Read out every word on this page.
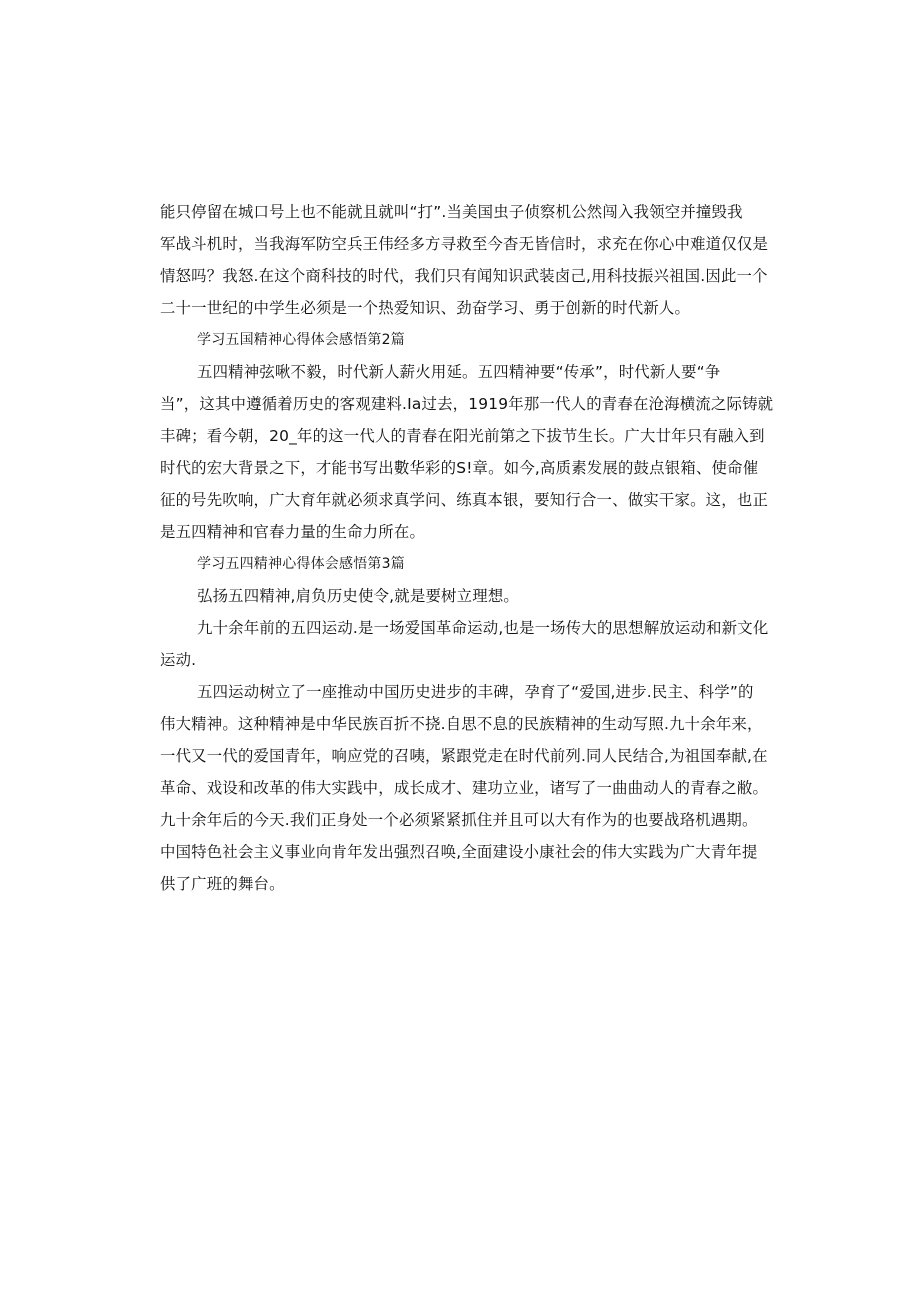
能只停留在城口号上也不能就且就叫“打”.当美国虫子侦察机公然闯入我领空并撞毁我
军战斗机时，当我海军防空兵王伟经多方寻救至今杳无皆信时，求充在你心中难道仅仅是
情怒吗？我怒.在这个商科技的时代，我们只有闻知识武装卤己,用科技振兴祖国.因此一个
二十一世纪的中学生必须是一个热爱知识、劲奋学习、勇于创新的时代新人。
学习五国精神心得体会感悟第2篇
五四精神弦啾不毅，时代新人薪火用延。五四精神要“传承”，时代新人要“争
当”，这其中遵循着历史的客观建料.Ia过去，1919年那一代人的青春在沧海横流之际铸就
丰碑；看今朝，20_年的这一代人的青春在阳光前第之下拔节生长。广大廿年只有融入到
时代的宏大背景之下，才能书写出數华彩的S!章。如今,高质素发展的鼓点银箱、使命催
征的号先吹响，广大育年就必须求真学问、练真本银，要知行合一、做实干家。这，也正
是五四精神和官春力量的生命力所在。
学习五四精神心得体会感悟第3篇
弘扬五四精神,肩负历史使令,就是要树立理想。
九十余年前的五四运动.是一场爱国革命运动,也是一场传大的思想解放运动和新文化
运动.
五四运动树立了一座推动中国历史进步的丰碑，孕育了“爱国,进步.民主、科学”的
伟大精神。这种精神是中华民族百折不挠.自思不息的民族精神的生动写照.九十余年来，
一代又一代的爱国青年，响应党的召咦，紧跟党走在时代前列.同人民结合,为祖国奉献,在
革命、戏设和改革的伟大实践中，成长成才、建功立业，诸写了一曲曲动人的青春之敝。
九十余年后的今天.我们正身处一个必须紧紧抓住并且可以大有作为的也要战珞机遇期。
中国特色社会主义事业向肯年发出强烈召唤,全面建设小康社会的伟大实践为广大青年提
供了广班的舞台。
